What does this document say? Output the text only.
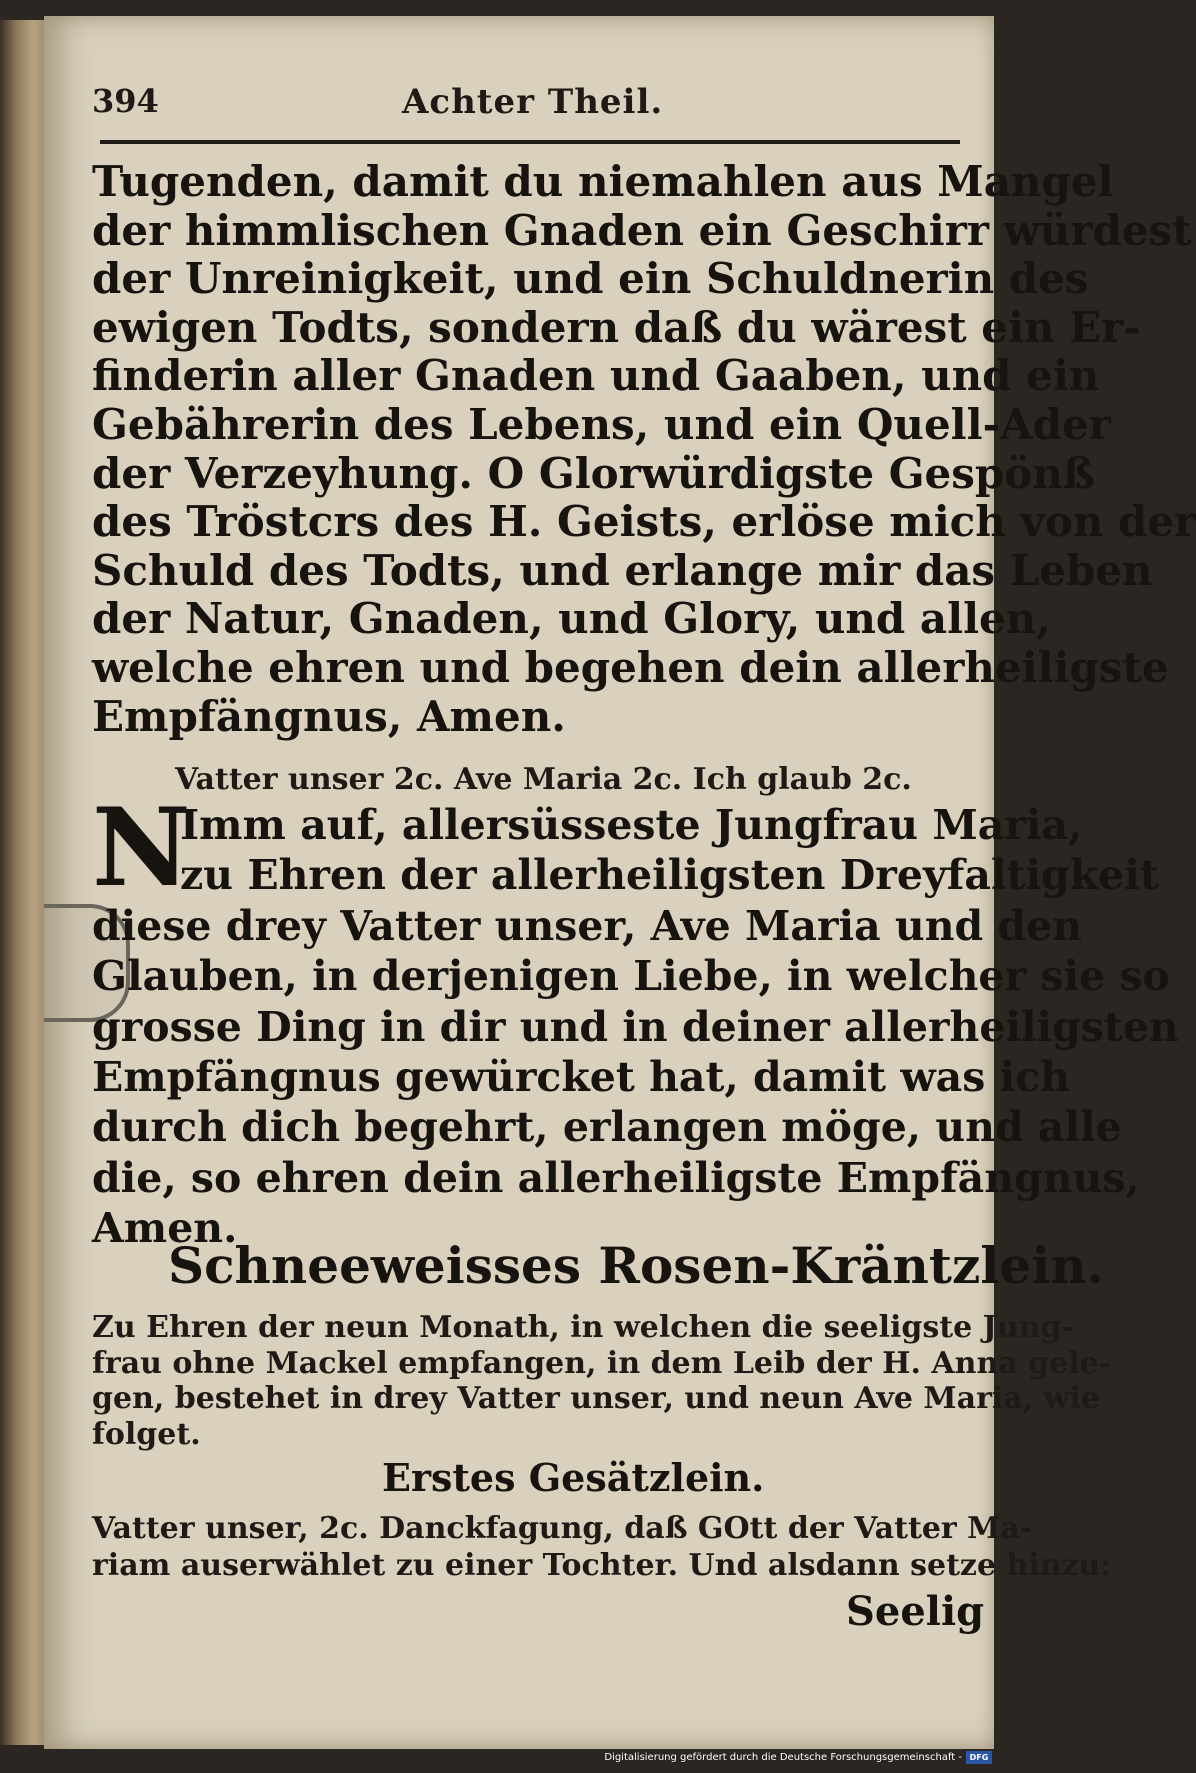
394	Achter Theil.
Tugenden, damit du niemahlen aus Mangel
der himmlischen Gnaden ein Geschirr würdest
der Unreinigkeit, und ein Schuldnerin des
ewigen Todts, sondern daß du wärest ein Er-
finderin aller Gnaden und Gaaben, und ein
Gebährerin des Lebens, und ein Quell-Ader
der Verzeyhung. O Glorwürdigste Gespönß
des Tröstcrs des H. Geists, erlöse mich von der
Schuld des Todts, und erlange mir das Leben
der Natur, Gnaden, und Glory, und allen,
welche ehren und begehen dein allerheiligste
Empfängnus, Amen.
Vatter unser 2c. Ave Maria 2c. Ich glaub 2c.
N
Imm auf, allersüsseste Jungfrau Maria,
zu Ehren der allerheiligsten Dreyfaltigkeit
diese drey Vatter unser, Ave Maria und den
Glauben, in derjenigen Liebe, in welcher sie so
grosse Ding in dir und in deiner allerheiligsten
Empfängnus gewürcket hat, damit was ich
durch dich begehrt, erlangen möge, und alle
die, so ehren dein allerheiligste Empfängnus,
Amen.
Schneeweisses Rosen-Kräntzlein.
Zu Ehren der neun Monath, in welchen die seeligste Jung-
frau ohne Mackel empfangen, in dem Leib der H. Anna gele-
gen, bestehet in drey Vatter unser, und neun Ave Maria, wie
folget.
Erstes Gesätzlein.
Vatter unser, 2c. Danckfagung, daß GOtt der Vatter Ma-
riam auserwählet zu einer Tochter. Und alsdann setze hinzu:
Seelig
Digitalisierung gefördert durch die Deutsche Forschungsgemeinschaft - DFG
